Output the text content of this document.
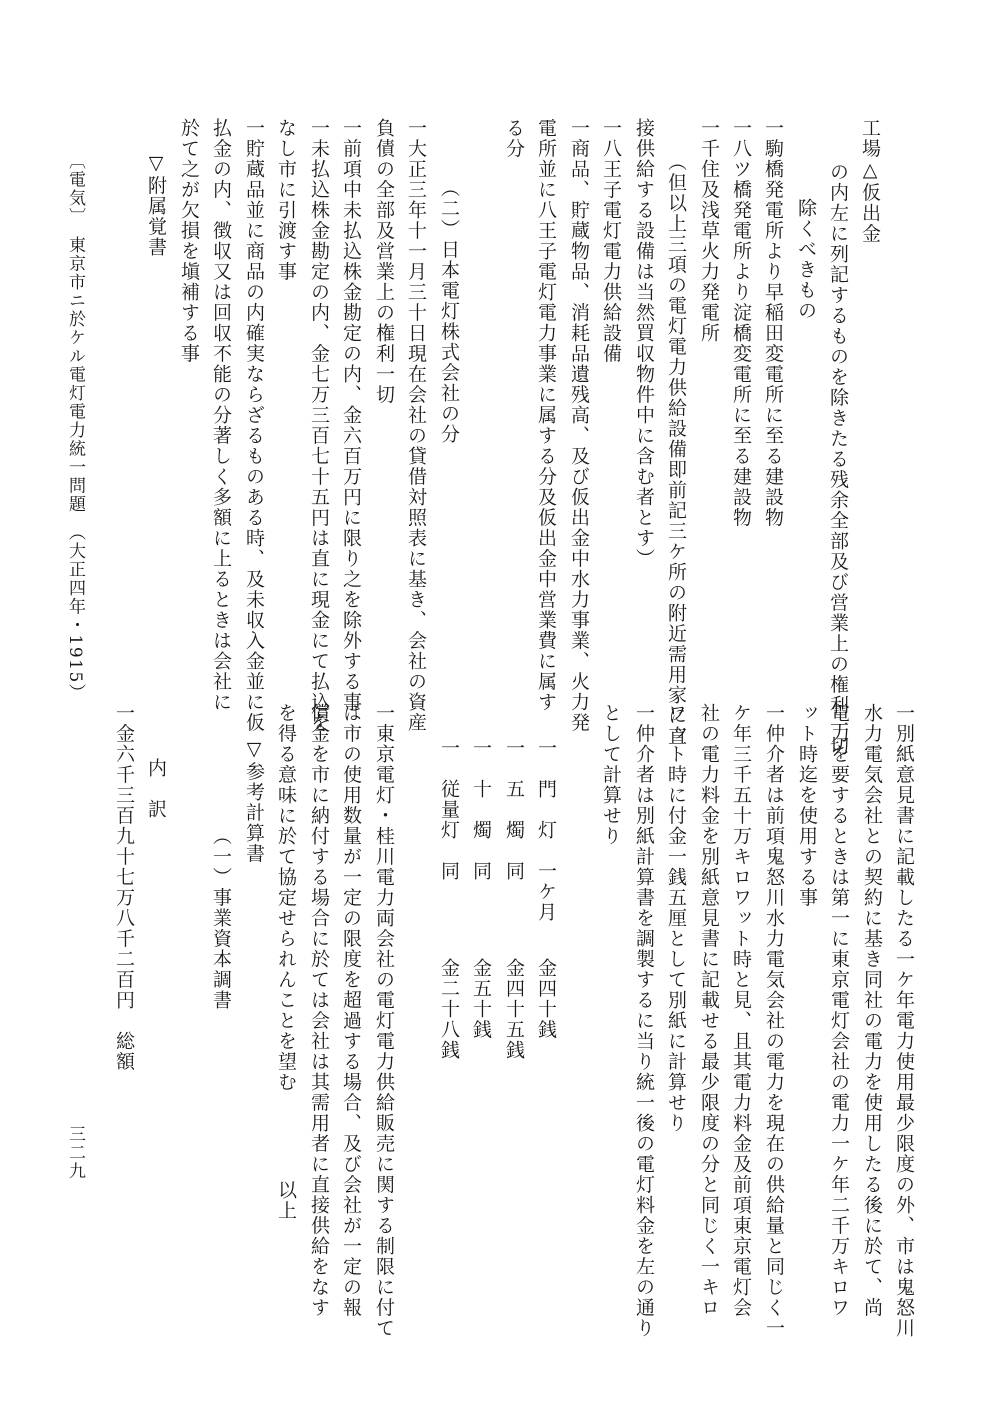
工場△仮出金
の内左に列記するものを除きたる残余全部及び営業上の権利一切
除くべきもの
一駒橋発電所より早稲田変電所に至る建設物
一八ツ橋発電所より淀橋変電所に至る建設物
一千住及浅草火力発電所
（但以上三項の電灯電力供給設備即前記三ケ所の附近需用家に直
接供給する設備は当然買収物件中に含む者とす）
一八王子電灯電力供給設備
一商品、貯蔵物品、消耗品遺残高、及び仮出金中水力事業、火力発
電所並に八王子電灯電力事業に属する分及仮出金中営業費に属す
る分
（二）日本電灯株式会社の分
一大正三年十一月三十日現在会社の貸借対照表に基き、会社の資産
負債の全部及営業上の権利一切
一前項中未払込株金勘定の内、金六百万円に限り之を除外する事
一未払込株金勘定の内、金七万三百七十五円は直に現金にて払込を
なし市に引渡す事
一貯蔵品並に商品の内確実ならざるものある時、及未収入金並に仮
払金の内、徴収又は回収不能の分著しく多額に上るときは会社に
於て之が欠損を塡補する事
▽附属覚書
〔電気〕　東京市ニ於ケル電灯電力統一問題　（大正四年・1915）
一別紙意見書に記載したる一ケ年電力使用最少限度の外、市は鬼怒川
水力電気会社との契約に基き同社の電力を使用したる後に於て、尚
電力を要するときは第一に東京電灯会社の電力一ケ年二千万キロワ
ット時迄を使用する事
一仲介者は前項鬼怒川水力電気会社の電力を現在の供給量と同じく一
ケ年三千五十万キロワット時と見、且其電力料金及前項東京電灯会
社の電力料金を別紙意見書に記載せる最少限度の分と同じく一キロ
ワット時に付金一銭五厘として別紙に計算せり
一仲介者は別紙計算書を調製するに当り統一後の電灯料金を左の通り
として計算せり
一　門　灯　一ケ月
金四十銭
一　五　燭　同
金四十五銭
一　十　燭　同
金五十銭
一　従量灯　同
金二十八銭
一東京電灯・桂川電力両会社の電灯電力供給販売に関する制限に付て
は市の使用数量が一定の限度を超過する場合、及び会社が一定の報
償金を市に納付する場合に於ては会社は其需用者に直接供給をなす
を得る意味に於て協定せられんことを望む
以上
▽参考計算書
（一）事業資本調書
内　訳
一金六千三百九十七万八千二百円　総額
三二九
